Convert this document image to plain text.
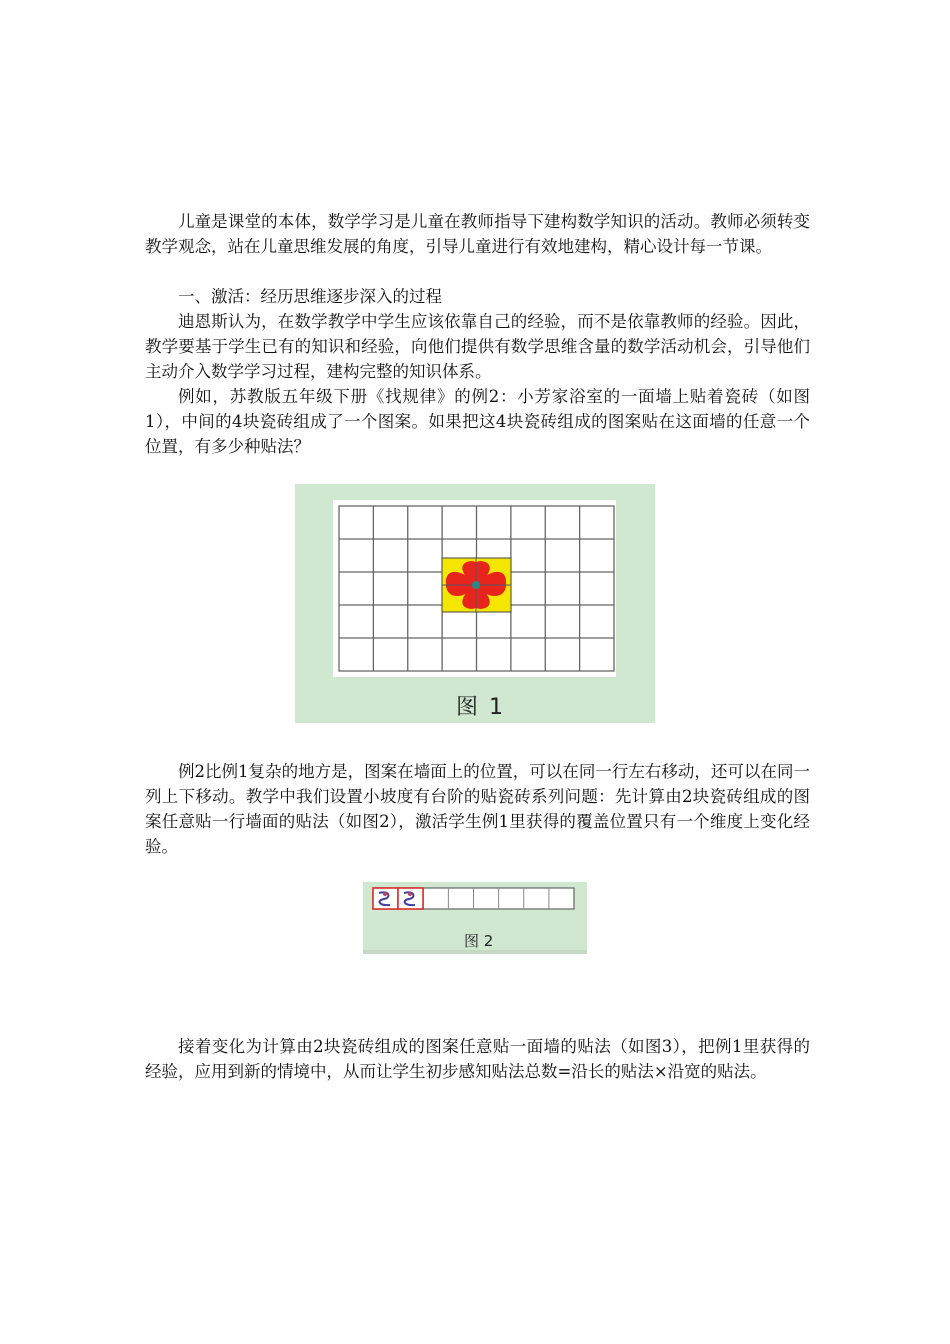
儿童是课堂的本体，数学学习是儿童在教师指导下建构数学知识的活动。教师必须转变教学观念，站在儿童思维发展的角度，引导儿童进行有效地建构，精心设计每一节课。

一、激活：经历思维逐步深入的过程

迪恩斯认为，在数学教学中学生应该依靠自己的经验，而不是依靠教师的经验。因此，教学要基于学生已有的知识和经验，向他们提供有数学思维含量的数学活动机会，引导他们主动介入数学学习过程，建构完整的知识体系。

例如，苏教版五年级下册《找规律》的例2：小芳家浴室的一面墙上贴着瓷砖（如图1），中间的4块瓷砖组成了一个图案。如果把这4块瓷砖组成的图案贴在这面墙的任意一个位置，有多少种贴法？

图 1

例2比例1复杂的地方是，图案在墙面上的位置，可以在同一行左右移动，还可以在同一列上下移动。教学中我们设置小坡度有台阶的贴瓷砖系列问题：先计算由2块瓷砖组成的图案任意贴一行墙面的贴法（如图2），激活学生例1里获得的覆盖位置只有一个维度上变化经验。

图 2

接着变化为计算由2块瓷砖组成的图案任意贴一面墙的贴法（如图3），把例1里获得的经验，应用到新的情境中，从而让学生初步感知贴法总数=沿长的贴法×沿宽的贴法。
